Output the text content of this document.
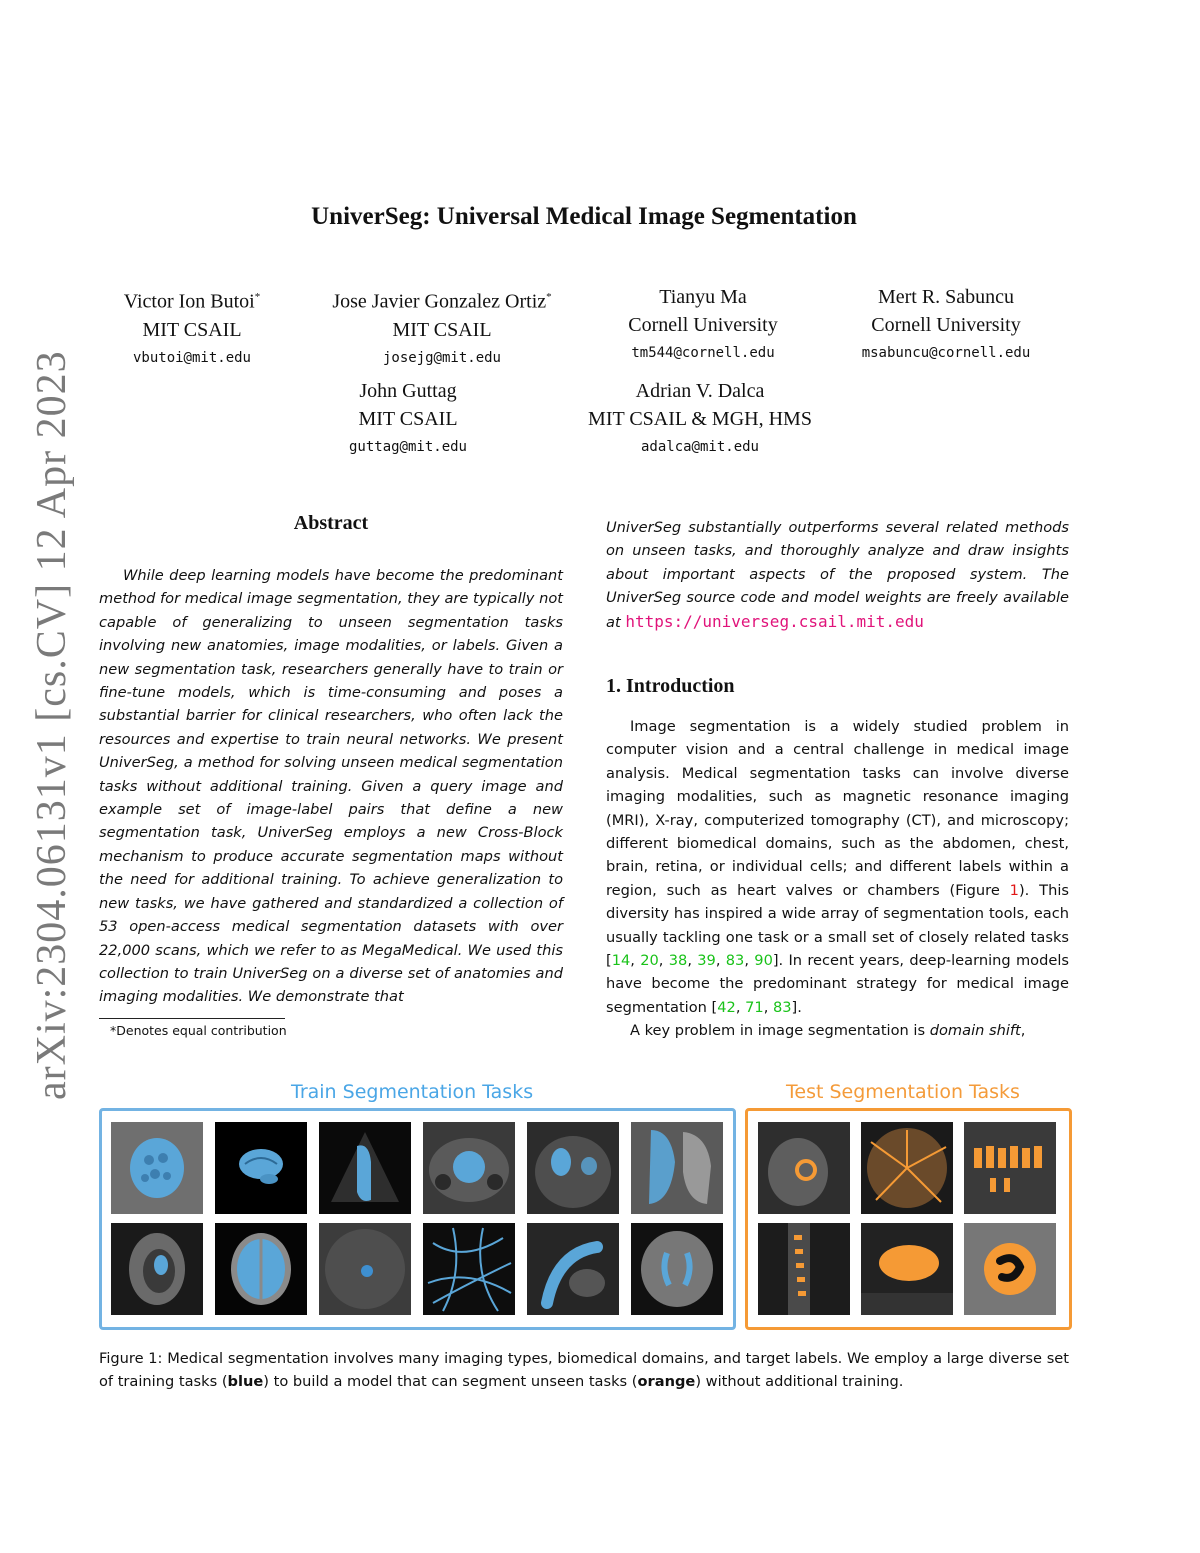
arXiv:2304.06131v1 [cs.CV] 12 Apr 2023
UniverSeg: Universal Medical Image Segmentation
Victor Ion Butoi*
MIT CSAIL
vbutoi@mit.edu
Jose Javier Gonzalez Ortiz*
MIT CSAIL
josejg@mit.edu
Tianyu Ma
Cornell University
tm544@cornell.edu
Mert R. Sabuncu
Cornell University
msabuncu@cornell.edu
John Guttag
MIT CSAIL
guttag@mit.edu
Adrian V. Dalca
MIT CSAIL & MGH, HMS
adalca@mit.edu
Abstract

While deep learning models have become the predominant method for medical image segmentation, they are typically not capable of generalizing to unseen segmentation tasks involving new anatomies, image modalities, or labels. Given a new segmentation task, researchers generally have to train or fine-tune models, which is time-consuming and poses a substantial barrier for clinical researchers, who often lack the resources and expertise to train neural networks. We present UniverSeg, a method for solving unseen medical segmentation tasks without additional training. Given a query image and example set of image-label pairs that define a new segmentation task, UniverSeg employs a new Cross-Block mechanism to produce accurate segmentation maps without the need for additional training. To achieve generalization to new tasks, we have gathered and standardized a collection of 53 open-access medical segmentation datasets with over 22,000 scans, which we refer to as MegaMedical. We used this collection to train UniverSeg on a diverse set of anatomies and imaging modalities. We demonstrate that

*Denotes equal contribution

UniverSeg substantially outperforms several related methods on unseen tasks, and thoroughly analyze and draw insights about important aspects of the proposed system. The UniverSeg source code and model weights are freely available at https://universeg.csail.mit.edu

1. Introduction

Image segmentation is a widely studied problem in computer vision and a central challenge in medical image analysis. Medical segmentation tasks can involve diverse imaging modalities, such as magnetic resonance imaging (MRI), X-ray, computerized tomography (CT), and microscopy; different biomedical domains, such as the abdomen, chest, brain, retina, or individual cells; and different labels within a region, such as heart valves or chambers (Figure 1). This diversity has inspired a wide array of segmentation tools, each usually tackling one task or a small set of closely related tasks [14, 20, 38, 39, 83, 90]. In recent years, deep-learning models have become the predominant strategy for medical image segmentation [42, 71, 83].

A key problem in image segmentation is domain shift,

Train Segmentation Tasks	Test Segmentation Tasks

Figure 1: Medical segmentation involves many imaging types, biomedical domains, and target labels. We employ a large diverse set of training tasks (blue) to build a model that can segment unseen tasks (orange) without additional training.
